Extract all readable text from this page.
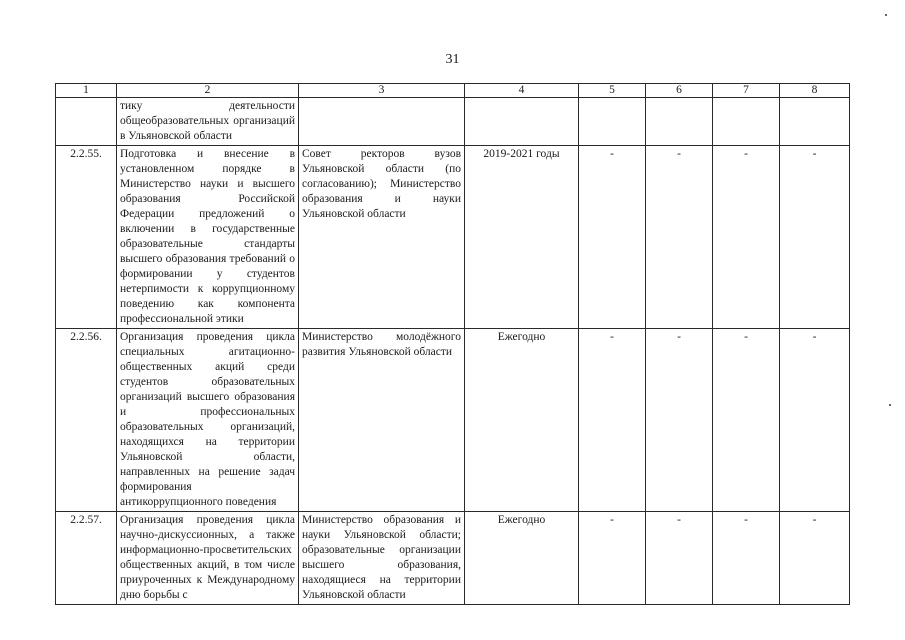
31
1	2	3	4	5	6	7	8
	тику деятельности общеобразовательных организаций в Ульяновской области						
2.2.55.	Подготовка и внесение в установленном порядке в Министерство науки и высшего образования Российской Федерации предложений о включении в государственные образовательные стандарты высшего образования требований о формировании у студентов нетерпимости к коррупционному поведению как компонента профессиональной этики	Совет ректоров вузов Ульяновской области (по согласованию); Министерство образования и науки Ульяновской области	2019-2021 годы	-	-	-	-
2.2.56.	Организация проведения цикла специальных агитационно-общественных акций среди студентов образовательных организаций высшего образования и профессиональных образовательных организаций, находящихся на территории Ульяновской области, направленных на решение задач формирования антикоррупционного поведения	Министерство молодёжного развития Ульяновской области	Ежегодно	-	-	-	-
2.2.57.	Организация проведения цикла научно-дискуссионных, а также информационно-просветительских общественных акций, в том числе приуроченных к Международному дню борьбы с	Министерство образования и науки Ульяновской области; образовательные организации высшего образования, находящиеся на территории Ульяновской области	Ежегодно	-	-	-	-
